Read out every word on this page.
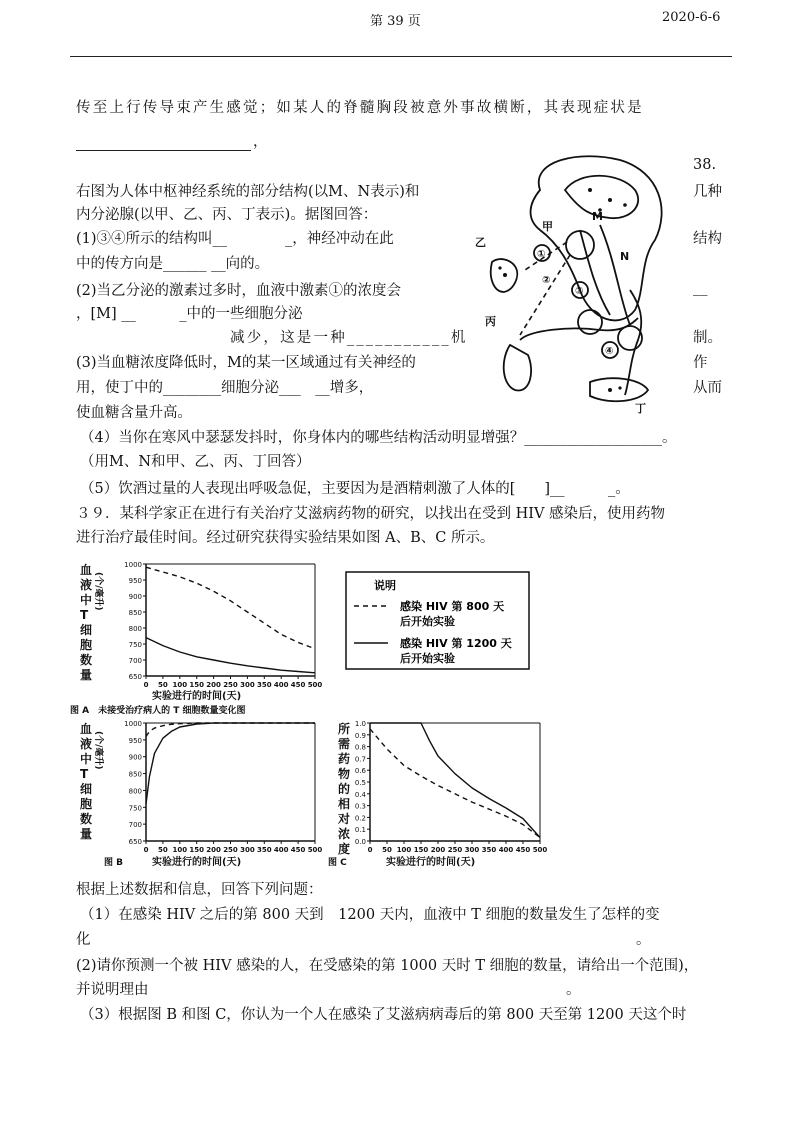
第 39 页	2020-6-6
传至上行传导束产生感觉；如某人的脊髓胸段被意外事故横断，其表现症状是
，
38.
右图为人体中枢神经系统的部分结构(以M、N表示)和	几种
内分泌腺(以甲、乙、丙、丁表示)。据图回答：
(1)③④所示的结构叫__　　　　_，神经冲动在此	结构
中的传方向是______ __向的。
(2)当乙分泌的激素过多时，血液中激素①的浓度会	__
，[M] __　　　_中的一些细胞分泌
减少，这是一种___________机	制。
(3)当血糖浓度降低时，M的某一区域通过有关神经的	作
用，使丁中的________细胞分泌___　__增多，	从而
使血糖含量升高。
M
N
甲
乙
丙
丁
①
②
③
④
（4）当你在寒风中瑟瑟发抖时，你身体内的哪些结构活动明显增强？___________________。
（用M、N和甲、乙、丙、丁回答）
（5）饮酒过量的人表现出呼吸急促，主要因为是酒精刺激了人体的[　　]__　　　_。
３９．某科学家正在进行有关治疗艾滋病药物的研究，以找出在受到 HIV 感染后，使用药物
进行治疗最佳时间。经过研究获得实验结果如图 A、B、C 所示。
650
700
750
800
850
900
950
1000
0 50 100 150 200 250 300 350 400 450 500
实验进行的时间(天)
图 A　未接受治疗病人的 T 细胞数量变化图
血
液
中
T
细
胞
数
量
(个/毫升)
650
700
750
800
850
900
950
1000
0 50 100 150 200 250 300 350 400 450 500
实验进行的时间(天)
图 B
血
液
中
T
细
胞
数
量
(个/毫升)
0.0
0.1
0.2
0.3
0.4
0.5
0.6
0.7
0.8
0.9
1.0
0 50 100 150 200 250 300 350 400 450 500
实验进行的时间(天)
图 C
所
需
药
物
的
相
对
浓
度
说明
感染 HIV 第 800 天
后开始实验
感染 HIV 第 1200 天
后开始实验
根据上述数据和信息，回答下列问题：
（1）在感染 HIV 之后的第 800 天到　1200 天内，血液中 T 细胞的数量发生了怎样的变
化	。
(2)请你预测一个被 HIV 感染的人，在受感染的第 1000 天时 T 细胞的数量，请给出一个范围)，
并说明理由	。
（3）根据图 B 和图 C，你认为一个人在感染了艾滋病病毒后的第 800 天至第 1200 天这个时
